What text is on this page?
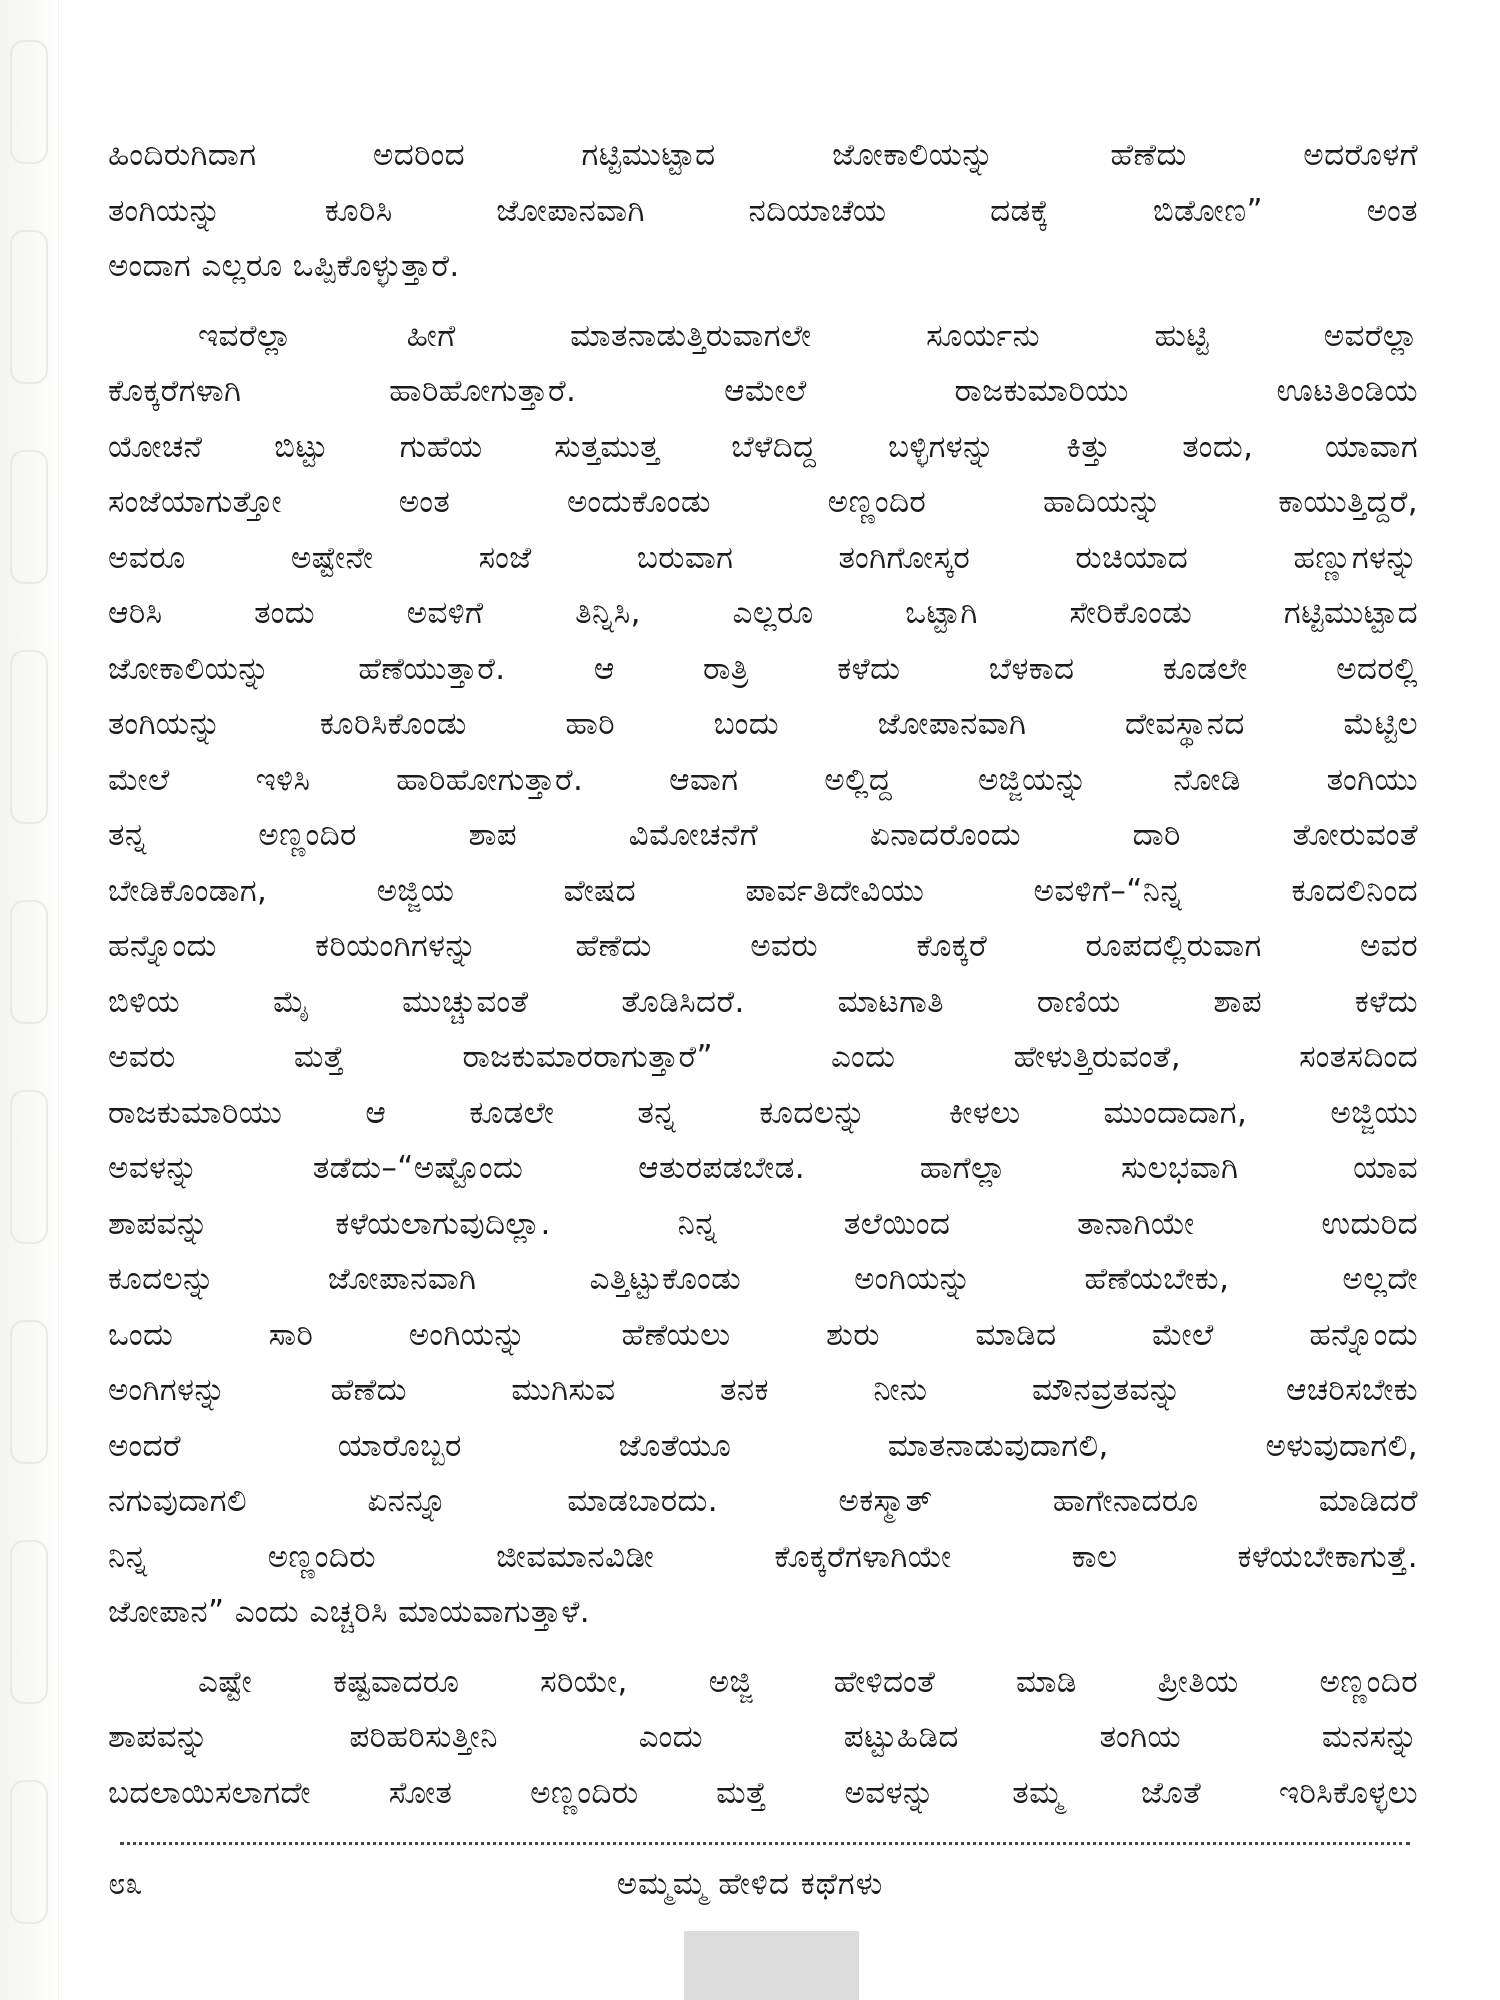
ಹಿಂದಿರುಗಿದಾಗ ಅದರಿಂದ ಗಟ್ಟಿಮುಟ್ಟಾದ ಜೋಕಾಲಿಯನ್ನು ಹೆಣೆದು ಅದರೊಳಗೆ
ತಂಗಿಯನ್ನು ಕೂರಿಸಿ ಜೋಪಾನವಾಗಿ ನದಿಯಾಚೆಯ ದಡಕ್ಕೆ ಬಿಡೋಣ” ಅಂತ
ಅಂದಾಗ ಎಲ್ಲರೂ ಒಪ್ಪಿಕೊಳ್ಳುತ್ತಾರೆ.
ಇವರೆಲ್ಲಾ ಹೀಗೆ ಮಾತನಾಡುತ್ತಿರುವಾಗಲೇ ಸೂರ್ಯನು ಹುಟ್ಟಿ ಅವರೆಲ್ಲಾ
ಕೊಕ್ಕರೆಗಳಾಗಿ ಹಾರಿಹೋಗುತ್ತಾರೆ. ಆಮೇಲೆ ರಾಜಕುಮಾರಿಯು ಊಟತಿಂಡಿಯ
ಯೋಚನೆ ಬಿಟ್ಟು ಗುಹೆಯ ಸುತ್ತಮುತ್ತ ಬೆಳೆದಿದ್ದ ಬಳ್ಳಿಗಳನ್ನು ಕಿತ್ತು ತಂದು, ಯಾವಾಗ
ಸಂಜೆಯಾಗುತ್ತೋ ಅಂತ ಅಂದುಕೊಂಡು ಅಣ್ಣಂದಿರ ಹಾದಿಯನ್ನು ಕಾಯುತ್ತಿದ್ದರೆ,
ಅವರೂ ಅಷ್ಟೇನೇ ಸಂಜೆ ಬರುವಾಗ ತಂಗಿಗೋಸ್ಕರ ರುಚಿಯಾದ ಹಣ್ಣುಗಳನ್ನು
ಆರಿಸಿ ತಂದು ಅವಳಿಗೆ ತಿನ್ನಿಸಿ, ಎಲ್ಲರೂ ಒಟ್ಟಾಗಿ ಸೇರಿಕೊಂಡು ಗಟ್ಟಿಮುಟ್ಟಾದ
ಜೋಕಾಲಿಯನ್ನು ಹೆಣೆಯುತ್ತಾರೆ. ಆ ರಾತ್ರಿ ಕಳೆದು ಬೆಳಕಾದ ಕೂಡಲೇ ಅದರಲ್ಲಿ
ತಂಗಿಯನ್ನು ಕೂರಿಸಿಕೊಂಡು ಹಾರಿ ಬಂದು ಜೋಪಾನವಾಗಿ ದೇವಸ್ಥಾನದ ಮೆಟ್ಟಿಲ
ಮೇಲೆ ಇಳಿಸಿ ಹಾರಿಹೋಗುತ್ತಾರೆ. ಆವಾಗ ಅಲ್ಲಿದ್ದ ಅಜ್ಜಿಯನ್ನು ನೋಡಿ ತಂಗಿಯು
ತನ್ನ ಅಣ್ಣಂದಿರ ಶಾಪ ವಿಮೋಚನೆಗೆ ಏನಾದರೊಂದು ದಾರಿ ತೋರುವಂತೆ
ಬೇಡಿಕೊಂಡಾಗ, ಅಜ್ಜಿಯ ವೇಷದ ಪಾರ್ವತಿದೇವಿಯು ಅವಳಿಗೆ–“ನಿನ್ನ ಕೂದಲಿನಿಂದ
ಹನ್ನೊಂದು ಕರಿಯಂಗಿಗಳನ್ನು ಹೆಣೆದು ಅವರು ಕೊಕ್ಕರೆ ರೂಪದಲ್ಲಿರುವಾಗ ಅವರ
ಬಿಳಿಯ ಮೈ ಮುಚ್ಚುವಂತೆ ತೊಡಿಸಿದರೆ. ಮಾಟಗಾತಿ ರಾಣಿಯ ಶಾಪ ಕಳೆದು
ಅವರು ಮತ್ತೆ ರಾಜಕುಮಾರರಾಗುತ್ತಾರೆ” ಎಂದು ಹೇಳುತ್ತಿರುವಂತೆ, ಸಂತಸದಿಂದ
ರಾಜಕುಮಾರಿಯು ಆ ಕೂಡಲೇ ತನ್ನ ಕೂದಲನ್ನು ಕೀಳಲು ಮುಂದಾದಾಗ, ಅಜ್ಜಿಯು
ಅವಳನ್ನು ತಡೆದು–“ಅಷ್ಟೊಂದು ಆತುರಪಡಬೇಡ. ಹಾಗೆಲ್ಲಾ ಸುಲಭವಾಗಿ ಯಾವ
ಶಾಪವನ್ನು ಕಳೆಯಲಾಗುವುದಿಲ್ಲಾ. ನಿನ್ನ ತಲೆಯಿಂದ ತಾನಾಗಿಯೇ ಉದುರಿದ
ಕೂದಲನ್ನು ಜೋಪಾನವಾಗಿ ಎತ್ತಿಟ್ಟುಕೊಂಡು ಅಂಗಿಯನ್ನು ಹೆಣೆಯಬೇಕು, ಅಲ್ಲದೇ
ಒಂದು ಸಾರಿ ಅಂಗಿಯನ್ನು ಹೆಣೆಯಲು ಶುರು ಮಾಡಿದ ಮೇಲೆ ಹನ್ನೊಂದು
ಅಂಗಿಗಳನ್ನು ಹೆಣೆದು ಮುಗಿಸುವ ತನಕ ನೀನು ಮೌನವ್ರತವನ್ನು ಆಚರಿಸಬೇಕು
ಅಂದರೆ ಯಾರೊಬ್ಬರ ಜೊತೆಯೂ ಮಾತನಾಡುವುದಾಗಲಿ, ಅಳುವುದಾಗಲಿ,
ನಗುವುದಾಗಲಿ ಏನನ್ನೂ ಮಾಡಬಾರದು. ಅಕಸ್ಮಾತ್ ಹಾಗೇನಾದರೂ ಮಾಡಿದರೆ
ನಿನ್ನ ಅಣ್ಣಂದಿರು ಜೀವಮಾನವಿಡೀ ಕೊಕ್ಕರೆಗಳಾಗಿಯೇ ಕಾಲ ಕಳೆಯಬೇಕಾಗುತ್ತೆ.
ಜೋಪಾನ” ಎಂದು ಎಚ್ಚರಿಸಿ ಮಾಯವಾಗುತ್ತಾಳೆ.
ಎಷ್ಟೇ ಕಷ್ಟವಾದರೂ ಸರಿಯೇ, ಅಜ್ಜಿ ಹೇಳಿದಂತೆ ಮಾಡಿ ಪ್ರೀತಿಯ ಅಣ್ಣಂದಿರ
ಶಾಪವನ್ನು ಪರಿಹರಿಸುತ್ತೀನಿ ಎಂದು ಪಟ್ಟುಹಿಡಿದ ತಂಗಿಯ ಮನಸನ್ನು
ಬದಲಾಯಿಸಲಾಗದೇ ಸೋತ ಅಣ್ಣಂದಿರು ಮತ್ತೆ ಅವಳನ್ನು ತಮ್ಮ ಜೊತೆ ಇರಿಸಿಕೊಳ್ಳಲು
೮೩	ಅಮ್ಮಮ್ಮ ಹೇಳಿದ ಕಥೆಗಳು
